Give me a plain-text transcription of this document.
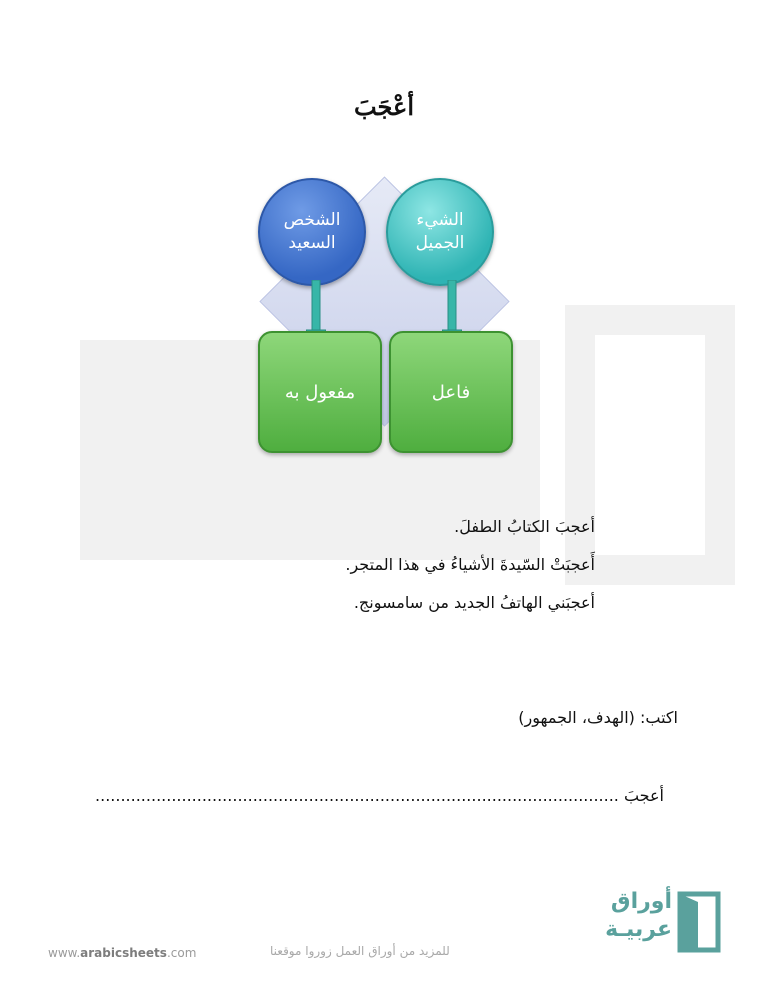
أعْجَبَ
الشخص
السعيد
الشيء
الجميل
مفعول به	فاعل
أعجبَ الكتابُ الطفلَ.
أَعجبَتْ السّيدةَ الأشياءُ في هذا المتجر.
أعجبَني الهاتفُ الجديد من سامسونج.
اكتب: (الهدف، الجمهور)
أعجبَ .......................................................................................................
www.arabicsheets.com	للمزيد من أوراق العمل زوروا موقعنا
أوراق
عربيـة
